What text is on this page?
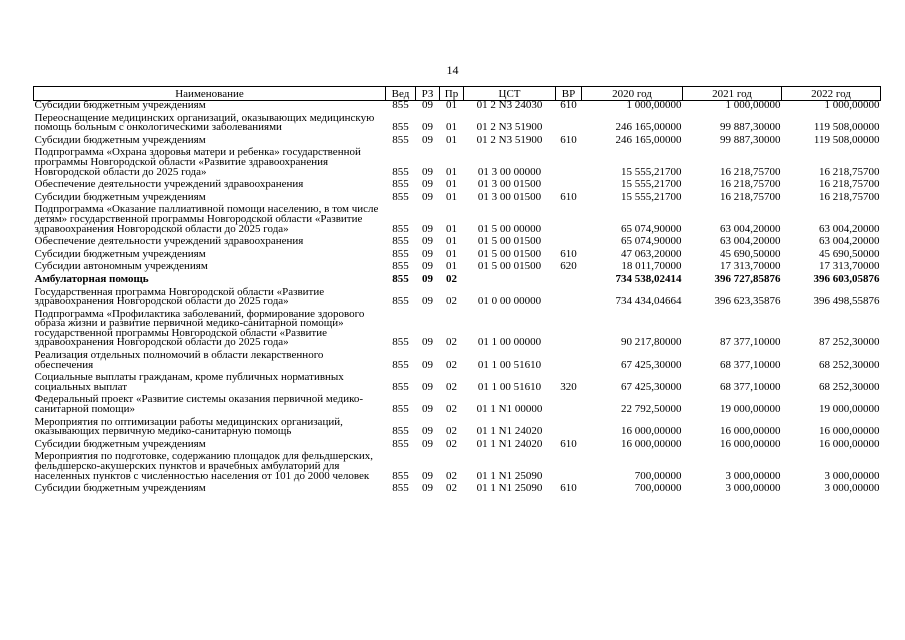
14
Наименование	Вед	РЗ	Пр	ЦСТ	ВР	2020 год	2021 год	2022 год
Субсидии бюджетным учреждениям	855	09	01	01 2 N3 24030	610	1 000,00000	1 000,00000	1 000,00000
Переоснащение медицинских организаций, оказывающих медицинскую помощь больным с онкологическими заболеваниями	855	09	01	01 2 N3 51900		246 165,00000	99 887,30000	119 508,00000
Субсидии бюджетным учреждениям	855	09	01	01 2 N3 51900	610	246 165,00000	99 887,30000	119 508,00000
Подпрограмма «Охрана здоровья матери и ребенка» государственной программы Новгородской области «Развитие здравоохранения Новгородской области до 2025 года»	855	09	01	01 3 00 00000		15 555,21700	16 218,75700	16 218,75700
Обеспечение деятельности учреждений здравоохранения	855	09	01	01 3 00 01500		15 555,21700	16 218,75700	16 218,75700
Субсидии бюджетным учреждениям	855	09	01	01 3 00 01500	610	15 555,21700	16 218,75700	16 218,75700
Подпрограмма «Оказание паллиативной помощи населению, в том числе детям» государственной программы Новгородской области «Развитие здравоохранения Новгородской области до 2025 года»	855	09	01	01 5 00 00000		65 074,90000	63 004,20000	63 004,20000
Обеспечение деятельности учреждений здравоохранения	855	09	01	01 5 00 01500		65 074,90000	63 004,20000	63 004,20000
Субсидии бюджетным учреждениям	855	09	01	01 5 00 01500	610	47 063,20000	45 690,50000	45 690,50000
Субсидии автономным учреждениям	855	09	01	01 5 00 01500	620	18 011,70000	17 313,70000	17 313,70000
Амбулаторная помощь	855	09	02			734 538,02414	396 727,85876	396 603,05876
Государственная программа Новгородской области «Развитие здравоохранения Новгородской области до 2025 года»	855	09	02	01 0 00 00000		734 434,04664	396 623,35876	396 498,55876
Подпрограмма «Профилактика заболеваний, формирование здорового образа жизни и развитие первичной медико-санитарной помощи» государственной программы Новгородской области «Развитие здравоохранения Новгородской области до 2025 года»	855	09	02	01 1 00 00000		90 217,80000	87 377,10000	87 252,30000
Реализация отдельных полномочий в области лекарственного обеспечения	855	09	02	01 1 00 51610		67 425,30000	68 377,10000	68 252,30000
Социальные выплаты гражданам, кроме публичных нормативных социальных выплат	855	09	02	01 1 00 51610	320	67 425,30000	68 377,10000	68 252,30000
Федеральный проект «Развитие системы оказания первичной медико-санитарной помощи»	855	09	02	01 1 N1 00000		22 792,50000	19 000,00000	19 000,00000
Мероприятия по оптимизации работы медицинских организаций, оказывающих первичную медико-санитарную помощь	855	09	02	01 1 N1 24020		16 000,00000	16 000,00000	16 000,00000
Субсидии бюджетным учреждениям	855	09	02	01 1 N1 24020	610	16 000,00000	16 000,00000	16 000,00000
Мероприятия по подготовке, содержанию площадок для фельдшерских, фельдшерско-акушерских пунктов и врачебных амбулаторий для населенных пунктов с численностью населения от 101 до 2000 человек	855	09	02	01 1 N1 25090		700,00000	3 000,00000	3 000,00000
Субсидии бюджетным учреждениям	855	09	02	01 1 N1 25090	610	700,00000	3 000,00000	3 000,00000
